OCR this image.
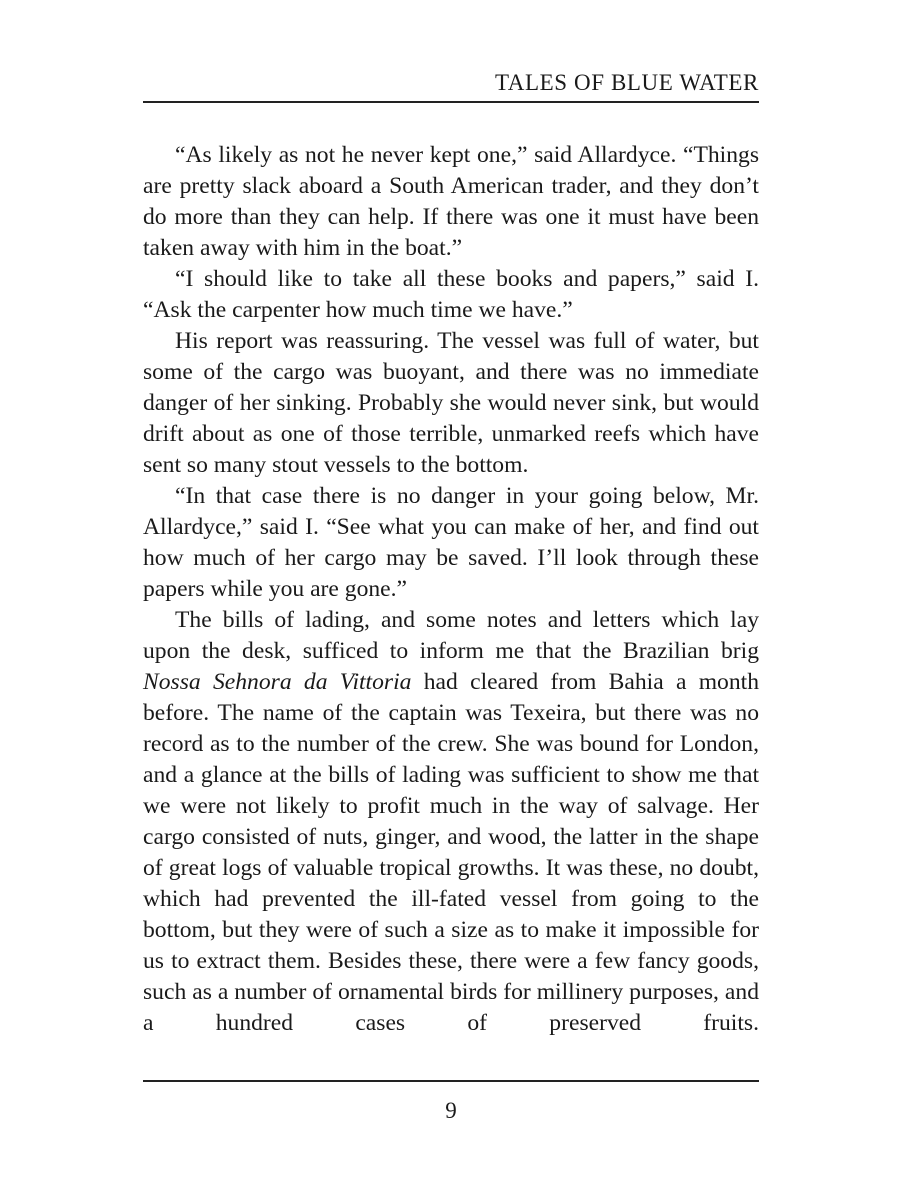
TALES OF BLUE WATER

“As likely as not he never kept one,” said Allardyce. “Things are pretty slack aboard a South American trader, and they don’t do more than they can help. If there was one it must have been taken away with him in the boat.”

“I should like to take all these books and papers,” said I. “Ask the carpenter how much time we have.”

His report was reassuring. The vessel was full of water, but some of the cargo was buoyant, and there was no immediate danger of her sinking. Probably she would never sink, but would drift about as one of those terrible, unmarked reefs which have sent so many stout vessels to the bottom.

“In that case there is no danger in your going below, Mr. Allardyce,” said I. “See what you can make of her, and find out how much of her cargo may be saved. I’ll look through these papers while you are gone.”

The bills of lading, and some notes and letters which lay upon the desk, sufficed to inform me that the Brazilian brig Nossa Sehnora da Vittoria had cleared from Bahia a month before. The name of the captain was Texeira, but there was no record as to the number of the crew. She was bound for London, and a glance at the bills of lading was sufficient to show me that we were not likely to profit much in the way of salvage. Her cargo consisted of nuts, ginger, and wood, the latter in the shape of great logs of valuable tropical growths. It was these, no doubt, which had prevented the ill-fated vessel from going to the bottom, but they were of such a size as to make it impossible for us to extract them. Besides these, there were a few fancy goods, such as a number of ornamental birds for millinery purposes, and a hundred cases of preserved fruits.

9
